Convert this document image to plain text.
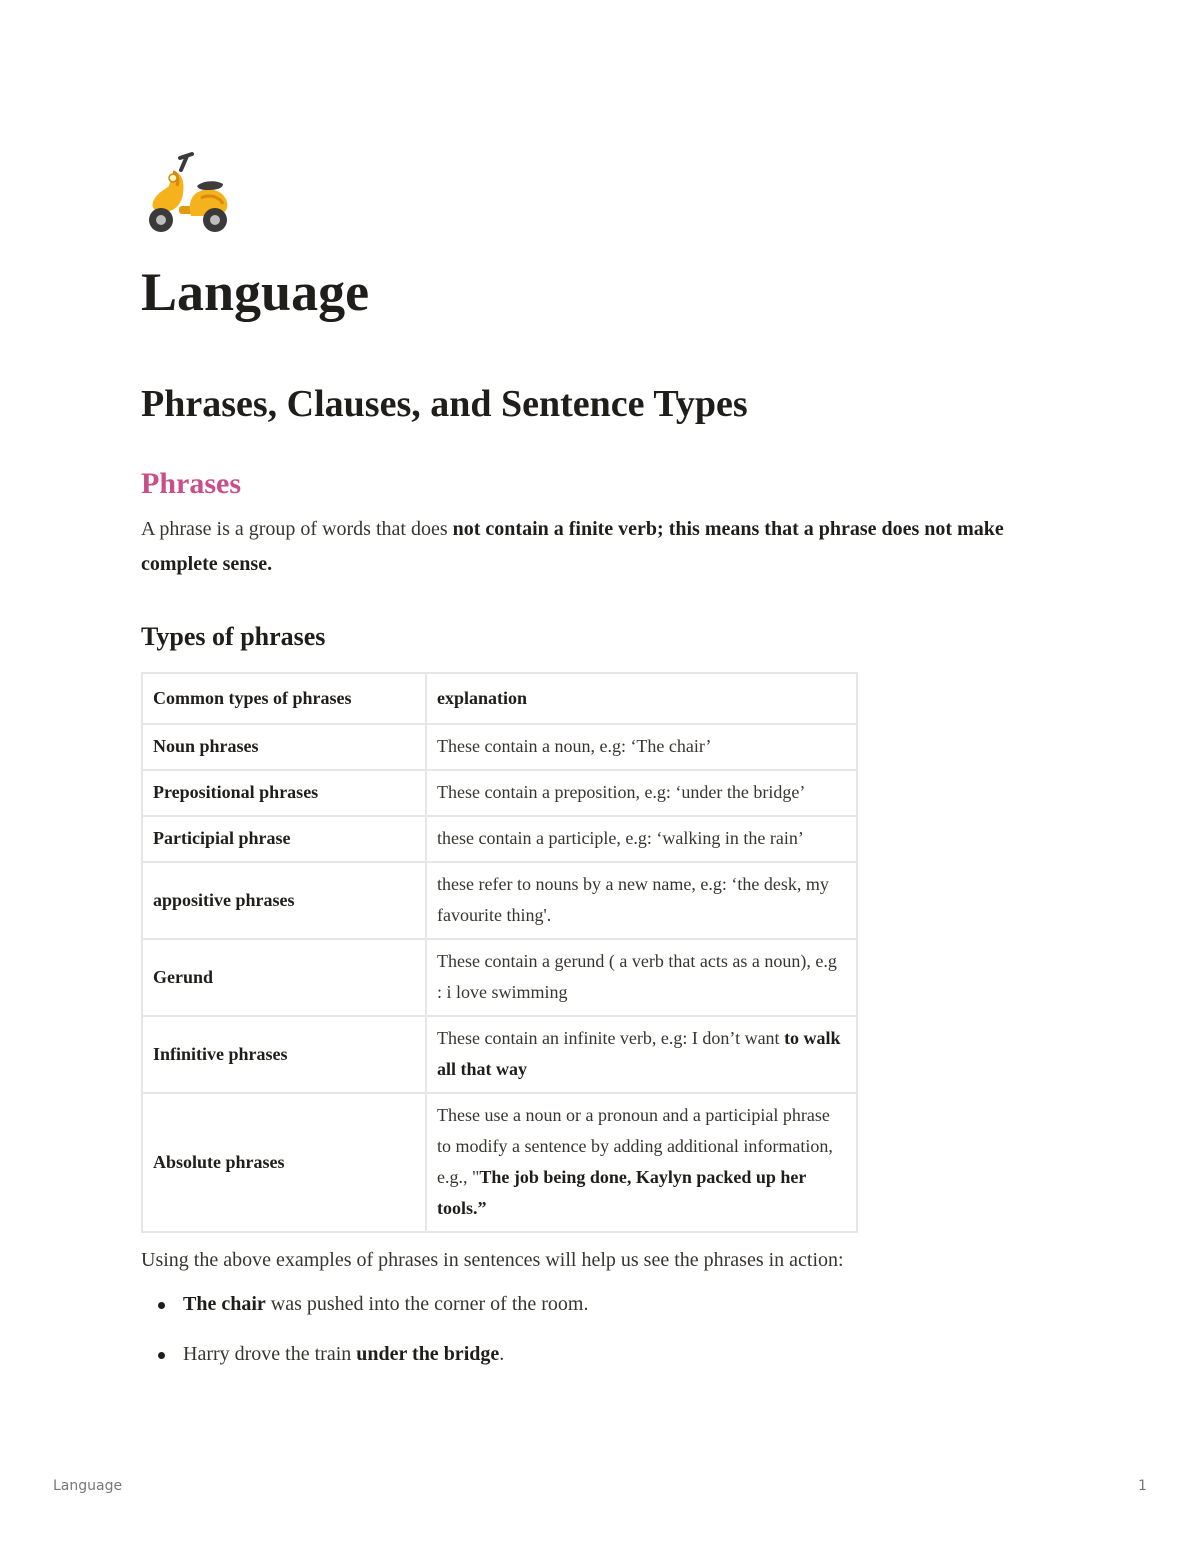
Language
Phrases, Clauses, and Sentence Types
Phrases

A phrase is a group of words that does not contain a finite verb; this means that a phrase does not make complete sense.

Types of phrases
Common types of phrases	explanation
Noun phrases	These contain a noun, e.g: ‘The chair’
Prepositional phrases	These contain a preposition, e.g: ‘under the bridge’
Participial phrase	these contain a participle, e.g: ‘walking in the rain’
appositive phrases	these refer to nouns by a new name, e.g: ‘the desk, my favourite thing'.
Gerund	These contain a gerund ( a verb that acts as a noun), e.g : i love swimming
Infinitive phrases	These contain an infinite verb, e.g: I don’t want to walk all that way
Absolute phrases	These use a noun or a pronoun and a participial phrase to modify a sentence by adding additional information, e.g., "The job being done, Kaylyn packed up her tools.”

Using the above examples of phrases in sentences will help us see the phrases in action:

The chair was pushed into the corner of the room.
Harry drove the train under the bridge.
Language	1
